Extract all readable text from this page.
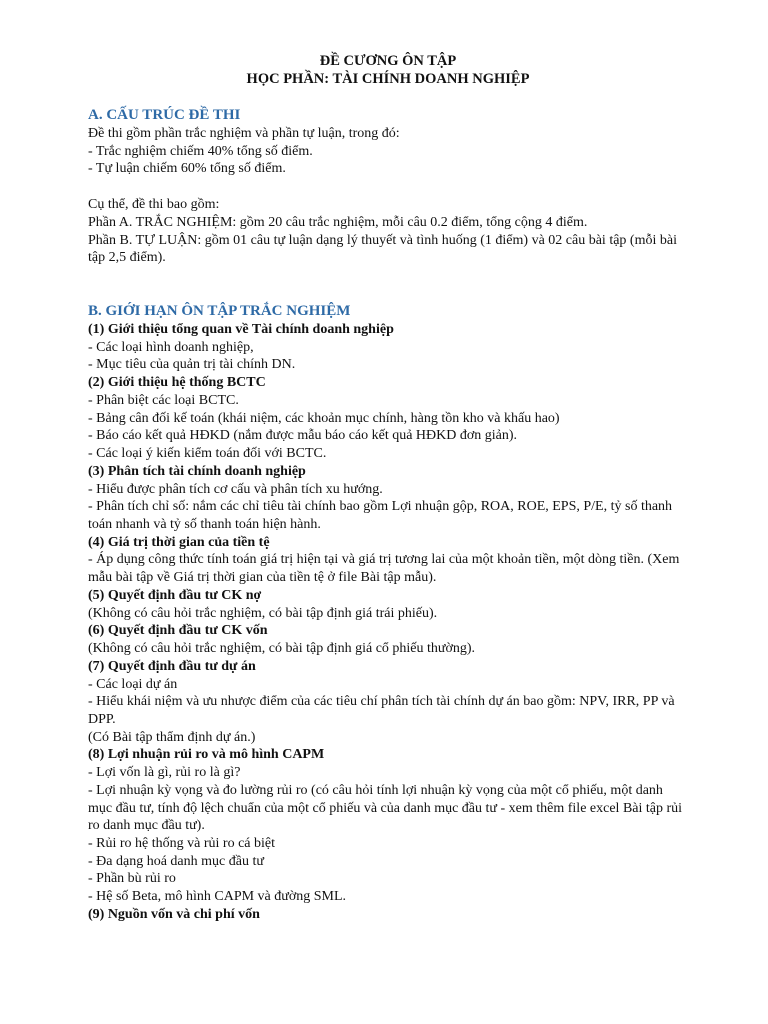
ĐỀ CƯƠNG ÔN TẬP

HỌC PHẦN: TÀI CHÍNH DOANH NGHIỆP

A. CẤU TRÚC ĐỀ THI

Đề thi gồm phần trắc nghiệm và phần tự luận, trong đó:

- Trắc nghiệm chiếm 40% tổng số điểm.

- Tự luận chiếm 60% tổng số điểm.

Cụ thể, đề thi bao gồm:

Phần A. TRẮC NGHIỆM: gồm 20 câu trắc nghiệm, mỗi câu 0.2 điểm, tổng cộng 4 điểm.

Phần B. TỰ LUẬN: gồm 01 câu tự luận dạng lý thuyết và tình huống (1 điểm) và 02 câu bài tập (mỗi bài tập 2,5 điểm).

B. GIỚI HẠN ÔN TẬP TRẮC NGHIỆM

(1) Giới thiệu tổng quan về Tài chính doanh nghiệp

- Các loại hình doanh nghiệp,

- Mục tiêu của quản trị tài chính DN.

(2) Giới thiệu hệ thống BCTC

- Phân biệt các loại BCTC.

- Bảng cân đối kế toán (khái niệm, các khoản mục chính, hàng tồn kho và khấu hao)

- Báo cáo kết quả HĐKD (nắm được mẫu báo cáo kết quả HĐKD đơn giản).

- Các loại ý kiến kiểm toán đối với BCTC.

(3) Phân tích tài chính doanh nghiệp

- Hiểu được phân tích cơ cấu và phân tích xu hướng.

- Phân tích chỉ số: nắm các chỉ tiêu tài chính bao gồm Lợi nhuận gộp, ROA, ROE, EPS, P/E, tỷ số thanh toán nhanh và tỷ số thanh toán hiện hành.

(4) Giá trị thời gian của tiền tệ

- Áp dụng công thức tính toán giá trị hiện tại và giá trị tương lai của một khoản tiền, một dòng tiền. (Xem mẫu bài tập về Giá trị thời gian của tiền tệ ở file Bài tập mẫu).

(5) Quyết định đầu tư CK nợ

(Không có câu hỏi trắc nghiệm, có bài tập định giá trái phiếu).

(6) Quyết định đầu tư CK vốn

(Không có câu hỏi trắc nghiệm, có bài tập định giá cổ phiếu thường).

(7) Quyết định đầu tư dự án

- Các loại dự án

- Hiểu khái niệm và ưu nhược điểm của các tiêu chí phân tích tài chính dự án bao gồm: NPV, IRR, PP và DPP.

(Có Bài tập thẩm định dự án.)

(8) Lợi nhuận rủi ro và mô hình CAPM

- Lợi vốn là gì, rủi ro là gì?

- Lợi nhuận kỳ vọng và đo lường rủi ro (có câu hỏi tính lợi nhuận kỳ vọng của một cổ phiếu, một danh mục đầu tư, tính độ lệch chuẩn của một cổ phiếu và của danh mục đầu tư - xem thêm file excel Bài tập rủi ro danh mục đầu tư).

- Rủi ro hệ thống và rủi ro cá biệt

- Đa dạng hoá danh mục đầu tư

- Phần bù rủi ro

- Hệ số Beta, mô hình CAPM và đường SML.

(9) Nguồn vốn và chi phí vốn
